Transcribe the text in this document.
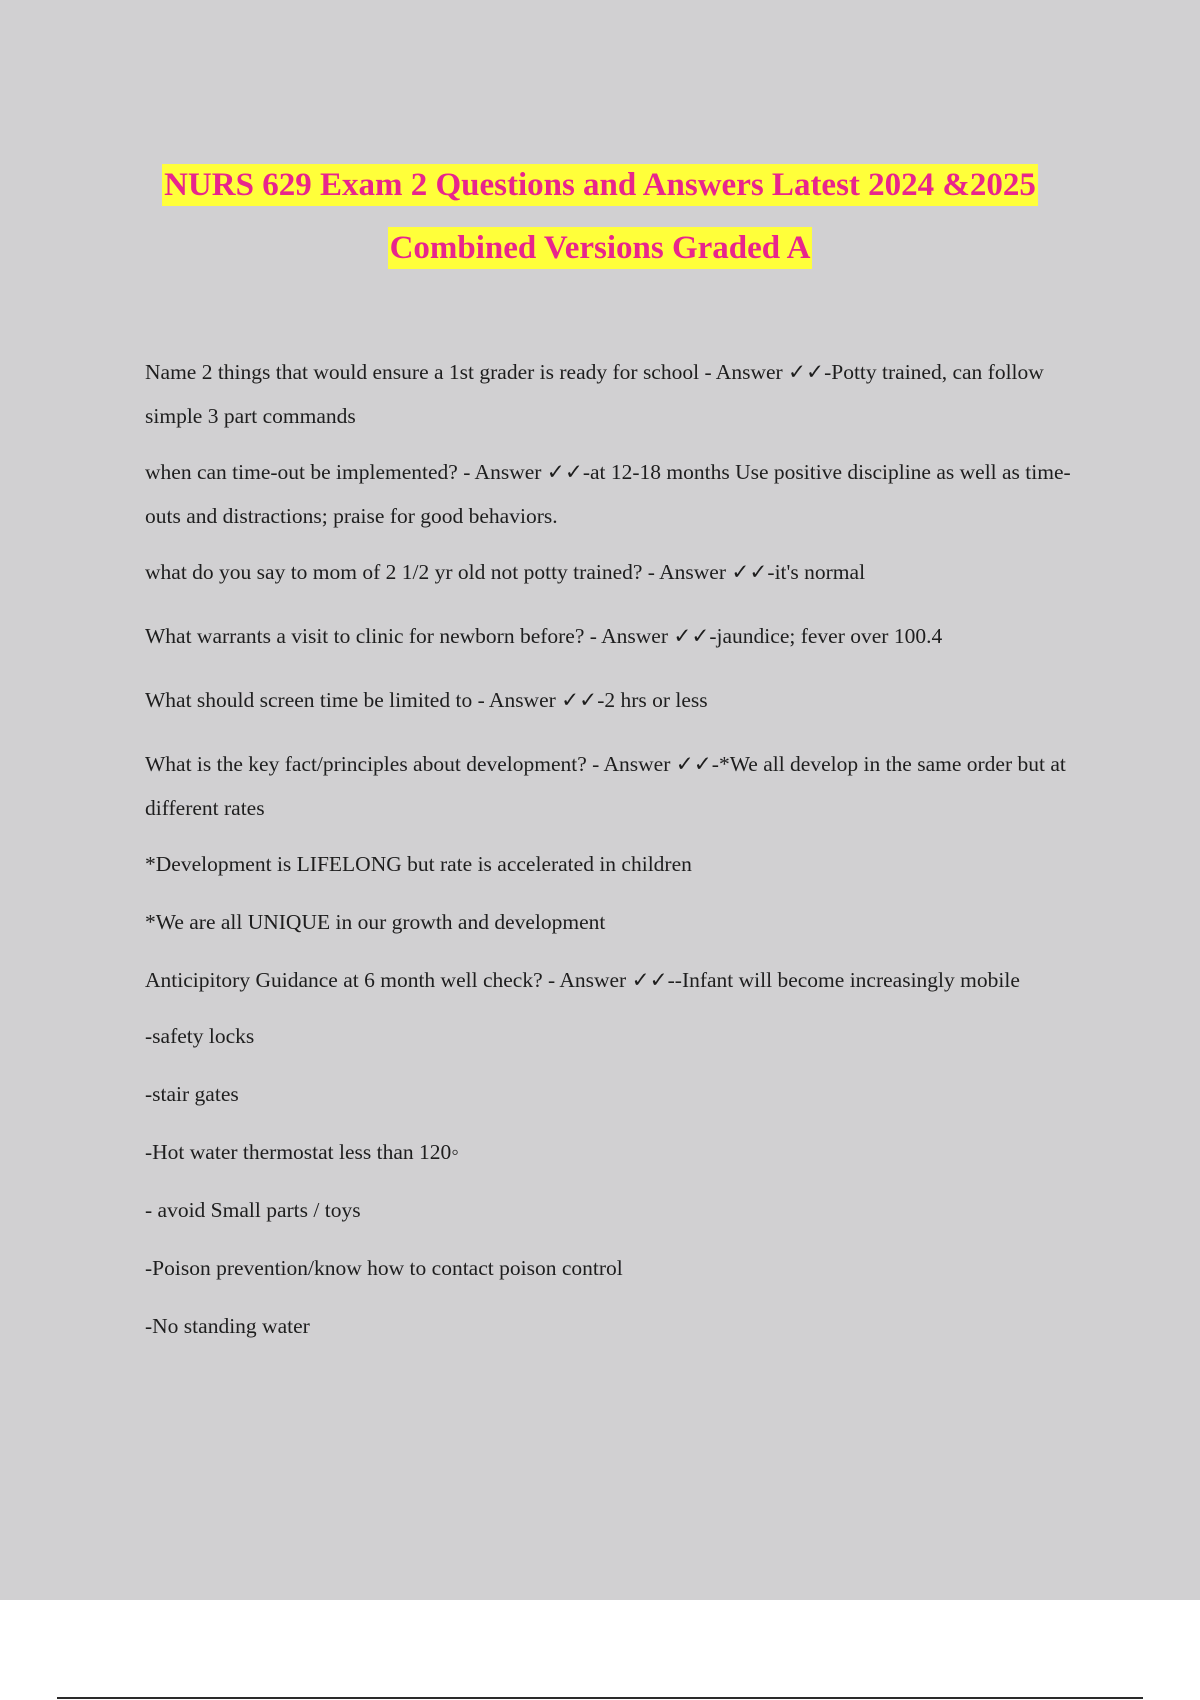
NURS 629 Exam 2 Questions and Answers Latest 2024 &2025
Combined Versions Graded A

Name 2 things that would ensure a 1st grader is ready for school - Answer ✓✓-Potty trained, can follow simple 3 part commands

when can time-out be implemented? - Answer ✓✓-at 12-18 months Use positive discipline as well as time-outs and distractions; praise for good behaviors.

what do you say to mom of 2 1/2 yr old not potty trained? - Answer ✓✓-it's normal

What warrants a visit to clinic for newborn before? - Answer ✓✓-jaundice; fever over 100.4

What should screen time be limited to - Answer ✓✓-2 hrs or less

What is the key fact/principles about development? - Answer ✓✓-*We all develop in the same order but at different rates

*Development is LIFELONG but rate is accelerated in children

*We are all UNIQUE in our growth and development

Anticipitory Guidance at 6 month well check? - Answer ✓✓--Infant will become increasingly mobile

-safety locks

-stair gates

-Hot water thermostat less than 120◦

- avoid Small parts / toys

-Poison prevention/know how to contact poison control

-No standing water
